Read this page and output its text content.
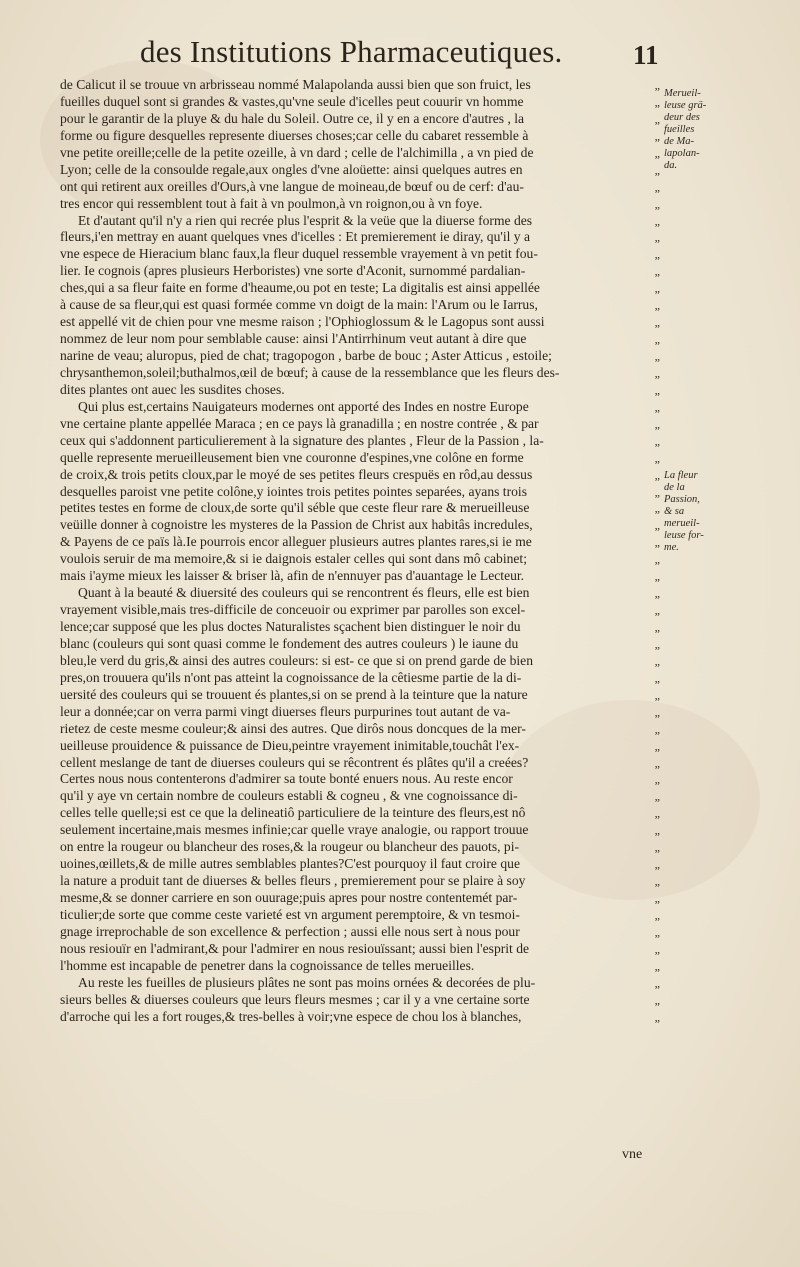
des Institutions Pharmaceutiques.	11
de Calicut il se trouue vn arbrisseau nommé Malapolanda aussi bien que son fruict, les	„
fueilles duquel sont si grandes & vastes,qu'vne seule d'icelles peut couurir vn homme	„
pour le garantir de la pluye & du hale du Soleil. Outre ce, il y en a encore d'autres , la	„
forme ou figure desquelles represente diuerses choses;car celle du cabaret ressemble à	„
vne petite oreille;celle de la petite ozeille, à vn dard ; celle de l'alchimilla , a vn pied de	„
Lyon; celle de la consoulde regale,aux ongles d'vne aloüette: ainsi quelques autres en	„
ont qui retirent aux oreilles d'Ours,à vne langue de moineau,de bœuf ou de cerf: d'au-	„
tres encor qui ressemblent tout à fait à vn poulmon,à vn roignon,ou à vn foye.	„
Et d'autant qu'il n'y a rien qui recrée plus l'esprit & la veüe que la diuerse forme des	„
fleurs,i'en mettray en auant quelques vnes d'icelles : Et premierement ie diray, qu'il y a	„
vne espece de Hieracium blanc faux,la fleur duquel ressemble vrayement à vn petit fou-	„
lier. Ie cognois (apres plusieurs Herboristes) vne sorte d'Aconit, surnommé pardalian-	„
ches,qui a sa fleur faite en forme d'heaume,ou pot en teste; La digitalis est ainsi appellée	„
à cause de sa fleur,qui est quasi formée comme vn doigt de la main: l'Arum ou le Iarrus,	„
est appellé vit de chien pour vne mesme raison ; l'Ophioglossum & le Lagopus sont aussi	„
nommez de leur nom pour semblable cause: ainsi l'Antirrhinum veut autant à dire que	„
narine de veau; aluropus, pied de chat; tragopogon , barbe de bouc ; Aster Atticus , estoile;	„
chrysanthemon,soleil;buthalmos,œil de bœuf; à cause de la ressemblance que les fleurs des-	„
dites plantes ont auec les susdites choses.	„
Qui plus est,certains Nauigateurs modernes ont apporté des Indes en nostre Europe	„
vne certaine plante appellée Maraca ; en ce pays là granadilla ; en nostre contrée , & par	„
ceux qui s'addonnent particulierement à la signature des plantes , Fleur de la Passion , la-	„
quelle represente merueilleusement bien vne couronne d'espines,vne colône en forme	„
de croix,& trois petits cloux,par le moyé de ses petites fleurs crespuës en rôd,au dessus	„
desquelles paroist vne petite colône,y iointes trois petites pointes separées, ayans trois	„
petites testes en forme de cloux,de sorte qu'il séble que ceste fleur rare & merueilleuse	„
veüille donner à cognoistre les mysteres de la Passion de Christ aux habitâs incredules,	„
& Payens de ce païs là.Ie pourrois encor alleguer plusieurs autres plantes rares,si ie me	„
voulois seruir de ma memoire,& si ie daignois estaler celles qui sont dans mô cabinet;	„
mais i'ayme mieux les laisser & briser là, afin de n'ennuyer pas d'auantage le Lecteur.	„
Quant à la beauté & diuersité des couleurs qui se rencontrent és fleurs, elle est bien	„
vrayement visible,mais tres-difficile de conceuoir ou exprimer par parolles son excel-	„
lence;car supposé que les plus doctes Naturalistes sçachent bien distinguer le noir du	„
blanc (couleurs qui sont quasi comme le fondement des autres couleurs ) le iaune du	„
bleu,le verd du gris,& ainsi des autres couleurs: si est- ce que si on prend garde de bien	„
pres,on trouuera qu'ils n'ont pas atteint la cognoissance de la cêtiesme partie de la di-	„
uersité des couleurs qui se trouuent és plantes,si on se prend à la teinture que la nature	„
leur a donnée;car on verra parmi vingt diuerses fleurs purpurines tout autant de va-	„
rietez de ceste mesme couleur;& ainsi des autres. Que dirôs nous doncques de la mer-	„
ueilleuse prouidence & puissance de Dieu,peintre vrayement inimitable,touchât l'ex-	„
cellent meslange de tant de diuerses couleurs qui se rêcontrent és plâtes qu'il a creées?	„
Certes nous nous contenterons d'admirer sa toute bonté enuers nous. Au reste encor	„
qu'il y aye vn certain nombre de couleurs establi & cogneu , & vne cognoissance di-	„
celles telle quelle;si est ce que la delineatiô particuliere de la teinture des fleurs,est nô	„
seulement incertaine,mais mesmes infinie;car quelle vraye analogie, ou rapport trouue	„
on entre la rougeur ou blancheur des roses,& la rougeur ou blancheur des pauots, pi-	„
uoines,œillets,& de mille autres semblables plantes?C'est pourquoy il faut croire que	„
la nature a produit tant de diuerses & belles fleurs , premierement pour se plaire à soy	„
mesme,& se donner carriere en son ouurage;puis apres pour nostre contentemét par-	„
ticulier;de sorte que comme ceste varieté est vn argument peremptoire, & vn tesmoi-	„
gnage irreprochable de son excellence & perfection ; aussi elle nous sert à nous pour	„
nous resiouïr en l'admirant,& pour l'admirer en nous resiouïssant; aussi bien l'esprit de	„
l'homme est incapable de penetrer dans la cognoissance de telles merueilles.	„
Au reste les fueilles de plusieurs plâtes ne sont pas moins ornées & decorées de plu-	„
sieurs belles & diuerses couleurs que leurs fleurs mesmes ; car il y a vne certaine sorte	„
d'arroche qui les a fort rouges,& tres-belles à voir;vne espece de chou los à blanches,	„
Merueil-
leuse grä-
deur des
fueilles
de Ma-
lapolan-
da.
La fleur
de la
Passion,
& sa
merueil-
leuse for-
me.
vne
